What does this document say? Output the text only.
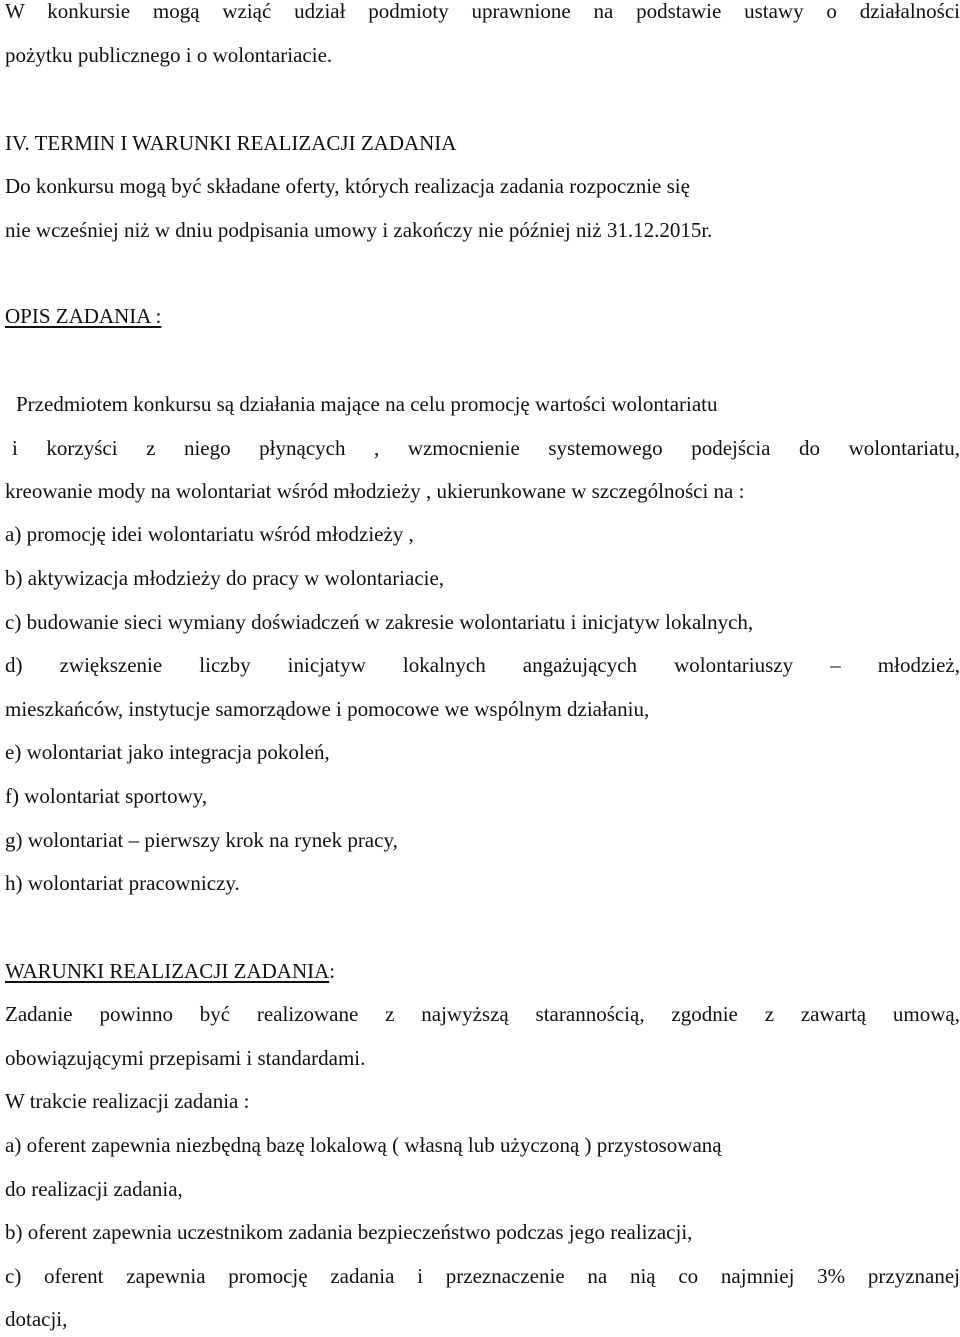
W konkursie mogą wziąć udział podmioty uprawnione na podstawie ustawy o działalności
pożytku publicznego i o wolontariacie.
IV. TERMIN I WARUNKI REALIZACJI ZADANIA
Do konkursu mogą być składane oferty, których realizacja zadania rozpocznie się
nie wcześniej niż w dniu podpisania umowy i zakończy nie później niż 31.12.2015r.
OPIS ZADANIA :
Przedmiotem konkursu są działania mające na celu promocję wartości wolontariatu
i korzyści z niego płynących , wzmocnienie systemowego podejścia do wolontariatu,
kreowanie mody na wolontariat wśród młodzieży , ukierunkowane w szczególności na :
a) promocję idei wolontariatu wśród młodzieży ,
b) aktywizacja młodzieży do pracy w wolontariacie,
c) budowanie sieci wymiany doświadczeń w zakresie wolontariatu i inicjatyw lokalnych,
d) zwiększenie liczby inicjatyw lokalnych angażujących wolontariuszy – młodzież,
mieszkańców, instytucje samorządowe i pomocowe we wspólnym działaniu,
e) wolontariat jako integracja pokoleń,
f) wolontariat sportowy,
g) wolontariat – pierwszy krok na rynek pracy,
h) wolontariat pracowniczy.
WARUNKI REALIZACJI ZADANIA:
Zadanie powinno być realizowane z najwyższą starannością, zgodnie z zawartą umową,
obowiązującymi przepisami i standardami.
W trakcie realizacji zadania :
a) oferent zapewnia niezbędną bazę lokalową ( własną lub użyczoną ) przystosowaną
do realizacji zadania,
b) oferent zapewnia uczestnikom zadania bezpieczeństwo podczas jego realizacji,
c) oferent zapewnia promocję zadania i przeznaczenie na nią co najmniej 3% przyznanej
dotacji,
